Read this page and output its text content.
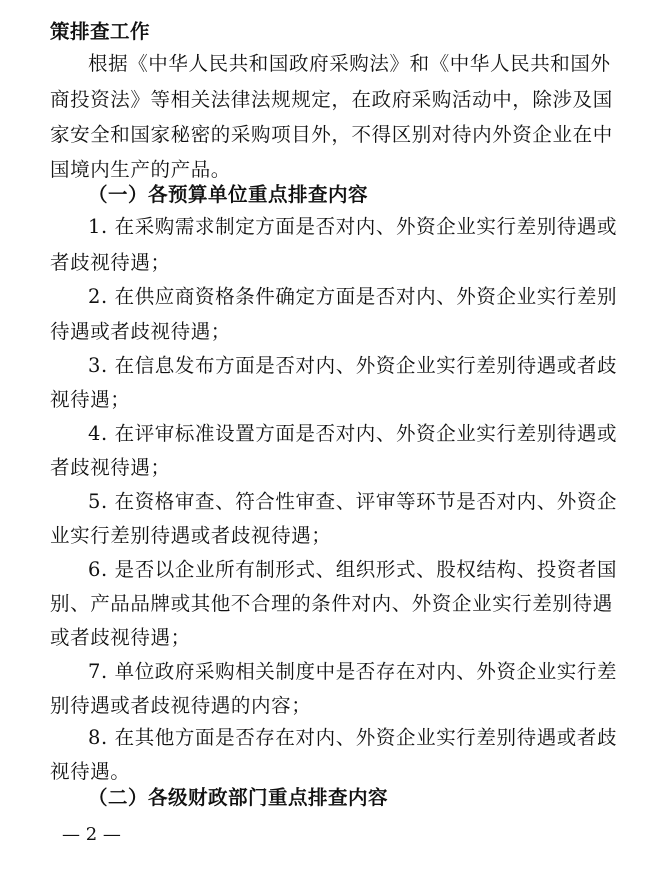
策排查工作
根据《中华人民共和国政府采购法》和《中华人民共和国外
商投资法》等相关法律法规规定，在政府采购活动中，除涉及国
家安全和国家秘密的采购项目外，不得区别对待内外资企业在中
国境内生产的产品。
（一）各预算单位重点排查内容
1. 在采购需求制定方面是否对内、外资企业实行差别待遇或
者歧视待遇；
2. 在供应商资格条件确定方面是否对内、外资企业实行差别
待遇或者歧视待遇；
3. 在信息发布方面是否对内、外资企业实行差别待遇或者歧
视待遇；
4. 在评审标准设置方面是否对内、外资企业实行差别待遇或
者歧视待遇；
5. 在资格审查、符合性审查、评审等环节是否对内、外资企
业实行差别待遇或者歧视待遇；
6. 是否以企业所有制形式、组织形式、股权结构、投资者国
别、产品品牌或其他不合理的条件对内、外资企业实行差别待遇
或者歧视待遇；
7. 单位政府采购相关制度中是否存在对内、外资企业实行差
别待遇或者歧视待遇的内容；
8. 在其他方面是否存在对内、外资企业实行差别待遇或者歧
视待遇。
（二）各级财政部门重点排查内容
— 2 —
